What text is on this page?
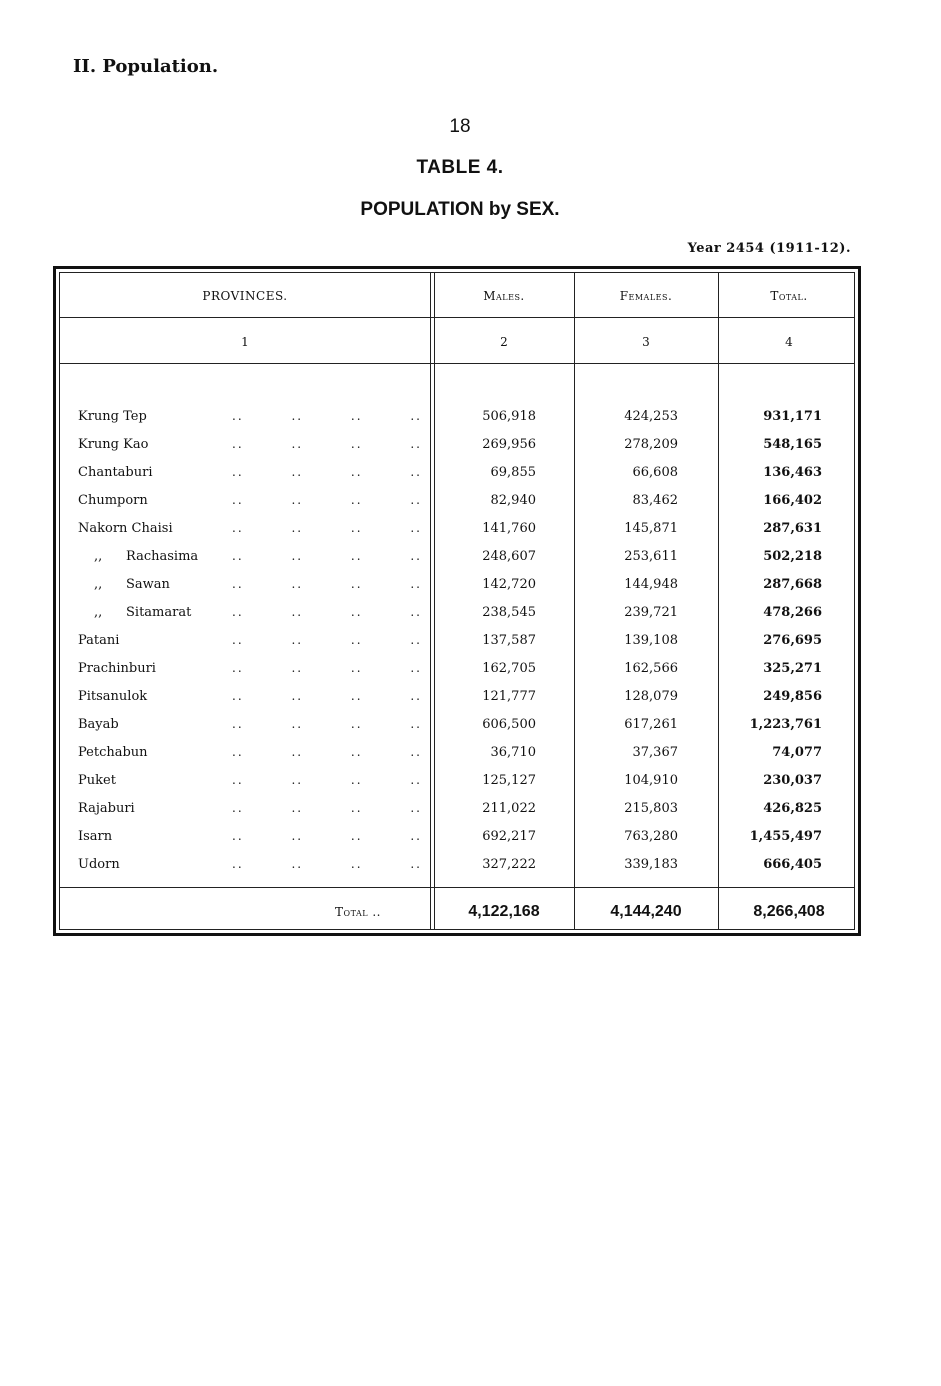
II. Population.
18
TABLE 4.
POPULATION by SEX.
Year 2454 (1911-12).
PROVINCES.	Males.	Females.	Total.
1	2	3	4
Krung Tep	..	..	..	..	506,918	424,253	931,171
Krung Kao	..	..	..	..	269,956	278,209	548,165
Chantaburi	..	..	..	..	69,855	66,608	136,463
Chumporn	..	..	..	..	82,940	83,462	166,402
Nakorn Chaisi	..	..	..	..	141,760	145,871	287,631
,, Rachasima	..	..	..	..	248,607	253,611	502,218
,, Sawan	..	..	..	..	142,720	144,948	287,668
,, Sitamarat	..	..	..	..	238,545	239,721	478,266
Patani	..	..	..	..	137,587	139,108	276,695
Prachinburi	..	..	..	..	162,705	162,566	325,271
Pitsanulok	..	..	..	..	121,777	128,079	249,856
Bayab	..	..	..	..	606,500	617,261	1,223,761
Petchabun	..	..	..	..	36,710	37,367	74,077
Puket	..	..	..	..	125,127	104,910	230,037
Rajaburi	..	..	..	..	211,022	215,803	426,825
Isarn	..	..	..	..	692,217	763,280	1,455,497
Udorn	..	..	..	..	327,222	339,183	666,405
Total ..	4,122,168	4,144,240	8,266,408
